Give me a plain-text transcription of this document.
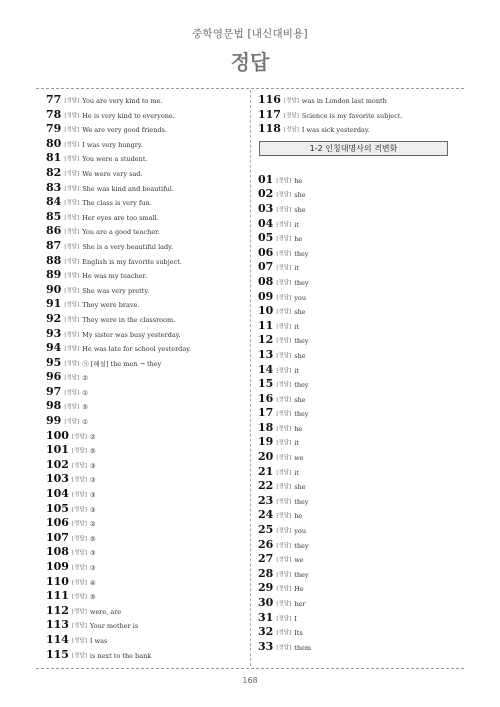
중학영문법 [내신대비용]
정답
77 [정답] You are very kind to me.
78 [정답] He is very kind to everyone.
79 [정답] We are very good friends.
80 [정답] I was very hungry.
81 [정답] You were a student.
82 [정답] We were very sad.
83 [정답] She was kind and beautiful.
84 [정답] The class is very fun.
85 [정답] Her eyes are too small.
86 [정답] You are a good teacher.
87 [정답] She is a very beautiful lady.
88 [정답] English is my favorite subject.
89 [정답] He was my teacher.
90 [정답] She was very pretty.
91 [정답] They were brave.
92 [정답] They were in the classroom.
93 [정답] My sister was busy yesterday.
94 [정답] He was late for school yesterday.
95 [정답] ⑤ [해설] the men → they
96 [정답] ②
97 [정답] ①
98 [정답] ⑤
99 [정답] ①
100 [정답] ②
101 [정답] ⑤
102 [정답] ③
103 [정답] ③
104 [정답] ③
105 [정답] ③
106 [정답] ②
107 [정답] ⑤
108 [정답] ③
109 [정답] ③
110 [정답] ④
111 [정답] ⑤
112 [정답] were, are
113 [정답] Your mother is
114 [정답] I was
115 [정답] is next to the bank
116 [정답] was in London last month
117 [정답] Science is my favorite subject.
118 [정답] I was sick yesterday.
1-2 인칭대명사의 격변화
01 [정답] he
02 [정답] she
03 [정답] she
04 [정답] it
05 [정답] he
06 [정답] they
07 [정답] it
08 [정답] they
09 [정답] you
10 [정답] she
11 [정답] it
12 [정답] they
13 [정답] she
14 [정답] it
15 [정답] they
16 [정답] she
17 [정답] they
18 [정답] he
19 [정답] it
20 [정답] we
21 [정답] it
22 [정답] she
23 [정답] they
24 [정답] he
25 [정답] you
26 [정답] they
27 [정답] we
28 [정답] they
29 [정답] He
30 [정답] her
31 [정답] I
32 [정답] Its
33 [정답] them
168
